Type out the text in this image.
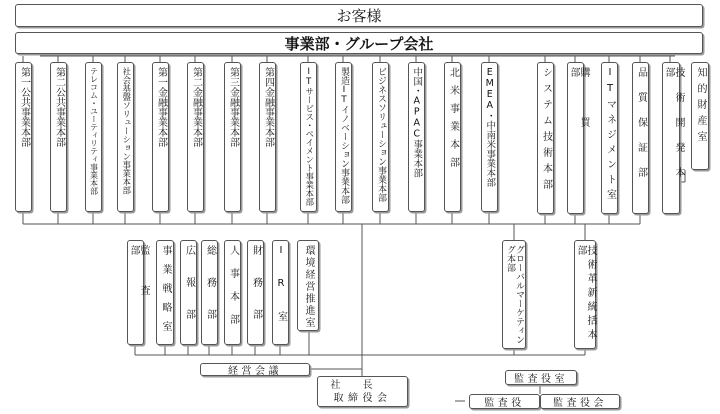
お客様
事業部・グループ会社
第一公共事業本部 第二公共事業本部	テレコム・ユーティリティ事業本部	社会基盤ソリューション事業本部 第一金融事業本部 第二金融事業本部	第三金融事業本部 第四金融事業本部	ITサービス・ペイメント事業本部	製造ITイノベーション事業本部	ビジネスソリューション事業本部	中国・APAC事業本部	北米事業本部	EMEA・中南米事業本部	システム技術本部	購買部	ITマネジメント室 品質保証部	技術開発本部	知的財産室
監査部	事業戦略室 広報部 総務部 人事本部 財務部 IR室 環境経営推進室	グローバルマーケティング本部	技術革新統括本部
経営会議
社長
取締役会
監査役室
監査役	監査役会
